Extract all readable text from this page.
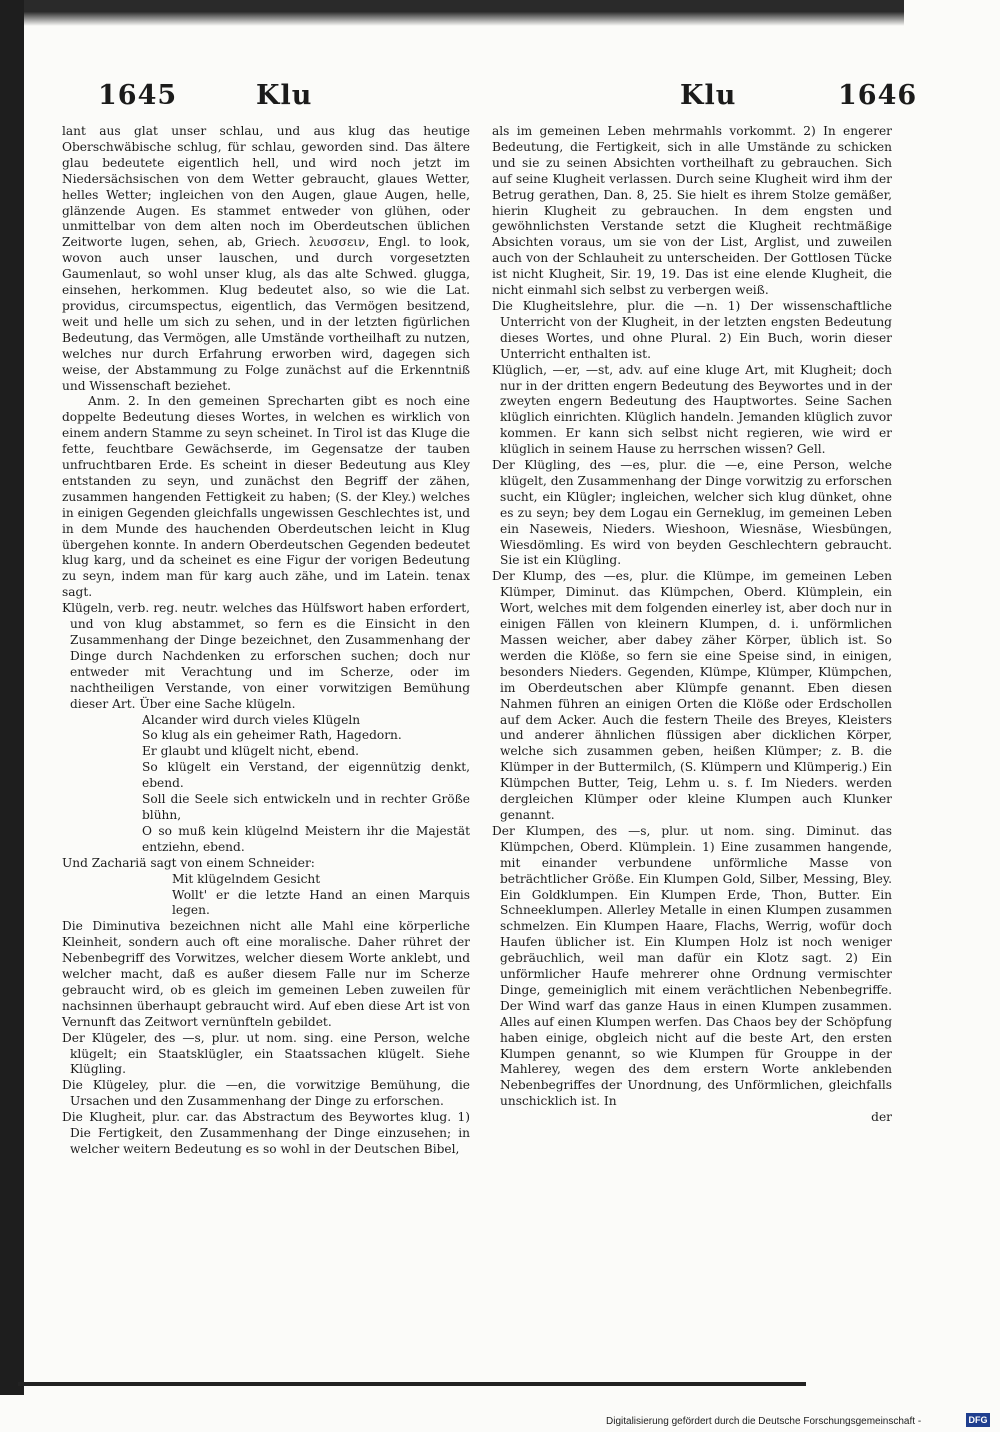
1645	Klu	Klu	1646

lant aus glat unser schlau, und aus klug das heutige Oberschwäbische schlug, für schlau, geworden sind. Das ältere glau bedeutete eigentlich hell, und wird noch jetzt im Niedersächsischen von dem Wetter gebraucht, glaues Wetter, helles Wetter; ingleichen von den Augen, glaue Augen, helle, glänzende Augen. Es stammet entweder von glühen, oder unmittelbar von dem alten noch im Oberdeutschen üblichen Zeitworte lugen, sehen, ab, Griech. λευσσειν, Engl. to look, wovon auch unser lauschen, und durch vorgesetzten Gaumenlaut, so wohl unser klug, als das alte Schwed. glugga, einsehen, herkommen. Klug bedeutet also, so wie die Lat. providus, circumspectus, eigentlich, das Vermögen besitzend, weit und helle um sich zu sehen, und in der letzten figürlichen Bedeutung, das Vermögen, alle Umstände vortheilhaft zu nutzen, welches nur durch Erfahrung erworben wird, dagegen sich weise, der Abstammung zu Folge zunächst auf die Erkenntniß und Wissenschaft beziehet.

Anm. 2. In den gemeinen Sprecharten gibt es noch eine doppelte Bedeutung dieses Wortes, in welchen es wirklich von einem andern Stamme zu seyn scheinet. In Tirol ist das Kluge die fette, feuchtbare Gewächserde, im Gegensatze der tauben unfruchtbaren Erde. Es scheint in dieser Bedeutung aus Kley entstanden zu seyn, und zunächst den Begriff der zähen, zusammen hangenden Fettigkeit zu haben; (S. der Kley.) welches in einigen Gegenden gleichfalls ungewissen Geschlechtes ist, und in dem Munde des hauchenden Oberdeutschen leicht in Klug übergehen konnte. In andern Oberdeutschen Gegenden bedeutet klug karg, und da scheinet es eine Figur der vorigen Bedeutung zu seyn, indem man für karg auch zähe, und im Latein. tenax sagt.

Klügeln, verb. reg. neutr. welches das Hülfswort haben erfordert, und von klug abstammet, so fern es die Einsicht in den Zusammenhang der Dinge bezeichnet, den Zusammenhang der Dinge durch Nachdenken zu erforschen suchen; doch nur entweder mit Verachtung und im Scherze, oder im nachtheiligen Verstande, von einer vorwitzigen Bemühung dieser Art. Über eine Sache klügeln.

Alcander wird durch vieles Klügeln

So klug als ein geheimer Rath, Hagedorn.

Er glaubt und klügelt nicht, ebend.

So klügelt ein Verstand, der eigennützig denkt, ebend.

Soll die Seele sich entwickeln und in rechter Größe blühn,

O so muß kein klügelnd Meistern ihr die Majestät entziehn, ebend.

Und Zachariä sagt von einem Schneider:

Mit klügelndem Gesicht

Wollt' er die letzte Hand an einen Marquis legen.

Die Diminutiva bezeichnen nicht alle Mahl eine körperliche Kleinheit, sondern auch oft eine moralische. Daher rühret der Nebenbegriff des Vorwitzes, welcher diesem Worte anklebt, und welcher macht, daß es außer diesem Falle nur im Scherze gebraucht wird, ob es gleich im gemeinen Leben zuweilen für nachsinnen überhaupt gebraucht wird. Auf eben diese Art ist von Vernunft das Zeitwort vernünfteln gebildet.

Der Klügeler, des —s, plur. ut nom. sing. eine Person, welche klügelt; ein Staatsklügler, ein Staatssachen klügelt. Siehe Klügling.

Die Klügeley, plur. die —en, die vorwitzige Bemühung, die Ursachen und den Zusammenhang der Dinge zu erforschen.

Die Klugheit, plur. car. das Abstractum des Beywortes klug. 1) Die Fertigkeit, den Zusammenhang der Dinge einzusehen; in welcher weitern Bedeutung es so wohl in der Deutschen Bibel,

als im gemeinen Leben mehrmahls vorkommt. 2) In engerer Bedeutung, die Fertigkeit, sich in alle Umstände zu schicken und sie zu seinen Absichten vortheilhaft zu gebrauchen. Sich auf seine Klugheit verlassen. Durch seine Klugheit wird ihm der Betrug gerathen, Dan. 8, 25. Sie hielt es ihrem Stolze gemäßer, hierin Klugheit zu gebrauchen. In dem engsten und gewöhnlichsten Verstande setzt die Klugheit rechtmäßige Absichten voraus, um sie von der List, Arglist, und zuweilen auch von der Schlauheit zu unterscheiden. Der Gottlosen Tücke ist nicht Klugheit, Sir. 19, 19. Das ist eine elende Klugheit, die nicht einmahl sich selbst zu verbergen weiß.

Die Klugheitslehre, plur. die —n. 1) Der wissenschaftliche Unterricht von der Klugheit, in der letzten engsten Bedeutung dieses Wortes, und ohne Plural. 2) Ein Buch, worin dieser Unterricht enthalten ist.

Klüglich, —er, —st, adv. auf eine kluge Art, mit Klugheit; doch nur in der dritten engern Bedeutung des Beywortes und in der zweyten engern Bedeutung des Hauptwortes. Seine Sachen klüglich einrichten. Klüglich handeln. Jemanden klüglich zuvor kommen. Er kann sich selbst nicht regieren, wie wird er klüglich in seinem Hause zu herrschen wissen? Gell.

Der Klügling, des —es, plur. die —e, eine Person, welche klügelt, den Zusammenhang der Dinge vorwitzig zu erforschen sucht, ein Klügler; ingleichen, welcher sich klug dünket, ohne es zu seyn; bey dem Logau ein Gerneklug, im gemeinen Leben ein Naseweis, Nieders. Wieshoon, Wiesnäse, Wiesbüngen, Wiesdömling. Es wird von beyden Geschlechtern gebraucht. Sie ist ein Klügling.

Der Klump, des —es, plur. die Klümpe, im gemeinen Leben Klümper, Diminut. das Klümpchen, Oberd. Klümplein, ein Wort, welches mit dem folgenden einerley ist, aber doch nur in einigen Fällen von kleinern Klumpen, d. i. unförmlichen Massen weicher, aber dabey zäher Körper, üblich ist. So werden die Klöße, so fern sie eine Speise sind, in einigen, besonders Nieders. Gegenden, Klümpe, Klümper, Klümpchen, im Oberdeutschen aber Klümpfe genannt. Eben diesen Nahmen führen an einigen Orten die Klöße oder Erdschollen auf dem Acker. Auch die festern Theile des Breyes, Kleisters und anderer ähnlichen flüssigen aber dicklichen Körper, welche sich zusammen geben, heißen Klümper; z. B. die Klümper in der Buttermilch, (S. Klümpern und Klümperig.) Ein Klümpchen Butter, Teig, Lehm u. s. f. Im Nieders. werden dergleichen Klümper oder kleine Klumpen auch Klunker genannt.

Der Klumpen, des —s, plur. ut nom. sing. Diminut. das Klümpchen, Oberd. Klümplein. 1) Eine zusammen hangende, mit einander verbundene unförmliche Masse von beträchtlicher Größe. Ein Klumpen Gold, Silber, Messing, Bley. Ein Goldklumpen. Ein Klumpen Erde, Thon, Butter. Ein Schneeklumpen. Allerley Metalle in einen Klumpen zusammen schmelzen. Ein Klumpen Haare, Flachs, Werrig, wofür doch Haufen üblicher ist. Ein Klumpen Holz ist noch weniger gebräuchlich, weil man dafür ein Klotz sagt. 2) Ein unförmlicher Haufe mehrerer ohne Ordnung vermischter Dinge, gemeiniglich mit einem verächtlichen Nebenbegriffe. Der Wind warf das ganze Haus in einen Klumpen zusammen. Alles auf einen Klumpen werfen. Das Chaos bey der Schöpfung haben einige, obgleich nicht auf die beste Art, den ersten Klumpen genannt, so wie Klumpen für Grouppe in der Mahlerey, wegen des dem erstern Worte anklebenden Nebenbegriffes der Unordnung, des Unförmlichen, gleichfalls unschicklich ist. In

der

Digitalisierung gefördert durch die Deutsche Forschungsgemeinschaft -	DFG
